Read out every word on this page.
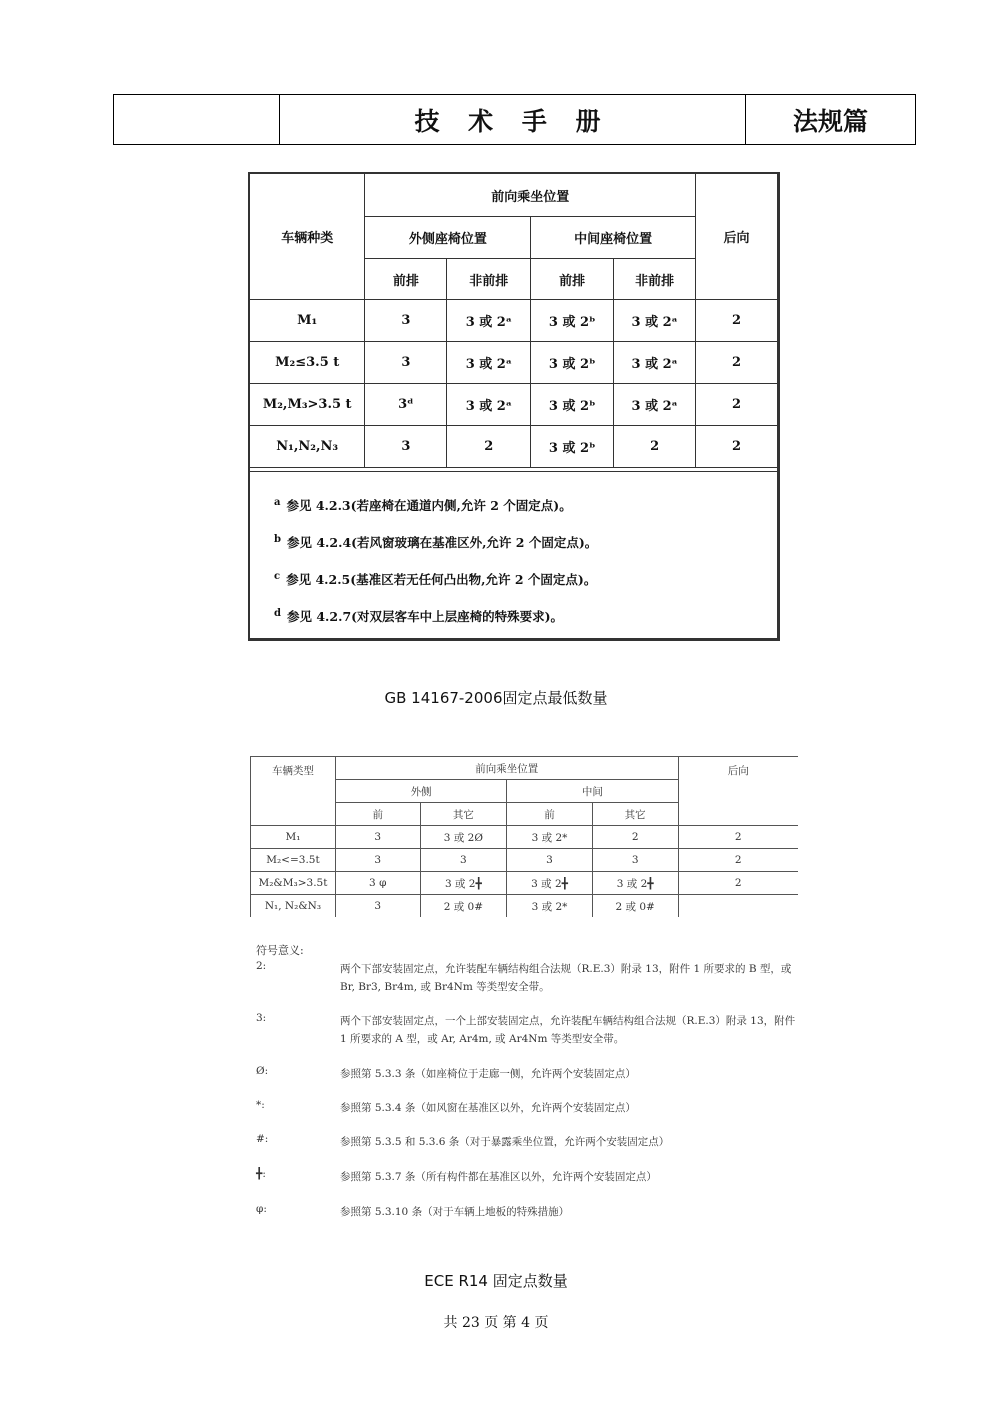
技 术 手 册	法规篇
车辆种类	前向乘坐位置				后向
	外侧座椅位置		中间座椅位置		
	前排	非前排	前排	非前排	
M₁	3	3 或 2ᵃ	3 或 2ᵇ	3 或 2ᵃ	2
M₂≤3.5 t	3	3 或 2ᵃ	3 或 2ᵇ	3 或 2ᵃ	2
M₂,M₃>3.5 t	3ᵈ	3 或 2ᵃ	3 或 2ᵇ	3 或 2ᵃ	2
N₁,N₂,N₃	3	2	3 或 2ᵇ	2	2
$^a$ 参见 4.2.3(若座椅在通道内侧,允许 2 个固定点)。
$^b$ 参见 4.2.4(若风窗玻璃在基准区外,允许 2 个固定点)。
$^c$ 参见 4.2.5(基准区若无任何凸出物,允许 2 个固定点)。
$^d$ 参见 4.2.7(对双层客车中上层座椅的特殊要求)。
GB 14167-2006固定点最低数量
车辆类型	前向乘坐位置				后向
	外侧		中间		
	前	其它	前	其它	
M₁	3	3 或 2Ø	3 或 2*	2	2
M₂<=3.5t	3	3	3	3	2
M₂&M₃>3.5t	3 φ	3 或 2╋	3 或 2╋	3 或 2╋	2
N₁, N₂&N₃	3	2 或 0#	3 或 2*	2 或 0#	
符号意义:
2:	两个下部安装固定点，允许装配车辆结构组合法规（R.E.3）附录 13，附件 1 所要求的 B 型，或 Br, Br3, Br4m, 或 Br4Nm 等类型安全带。
3:	两个下部安装固定点，一个上部安装固定点，允许装配车辆结构组合法规（R.E.3）附录 13，附件 1 所要求的 A 型，或 Ar, Ar4m, 或 Ar4Nm 等类型安全带。
Ø:	参照第 5.3.3 条（如座椅位于走廊一侧，允许两个安装固定点）
*:	参照第 5.3.4 条（如风窗在基准区以外，允许两个安装固定点）
#:	参照第 5.3.5 和 5.3.6 条（对于暴露乘坐位置，允许两个安装固定点）
╋:	参照第 5.3.7 条（所有构件都在基准区以外，允许两个安装固定点）
φ:	参照第 5.3.10 条（对于车辆上地板的特殊措施）
ECE R14 固定点数量
共 23 页 第 4 页
